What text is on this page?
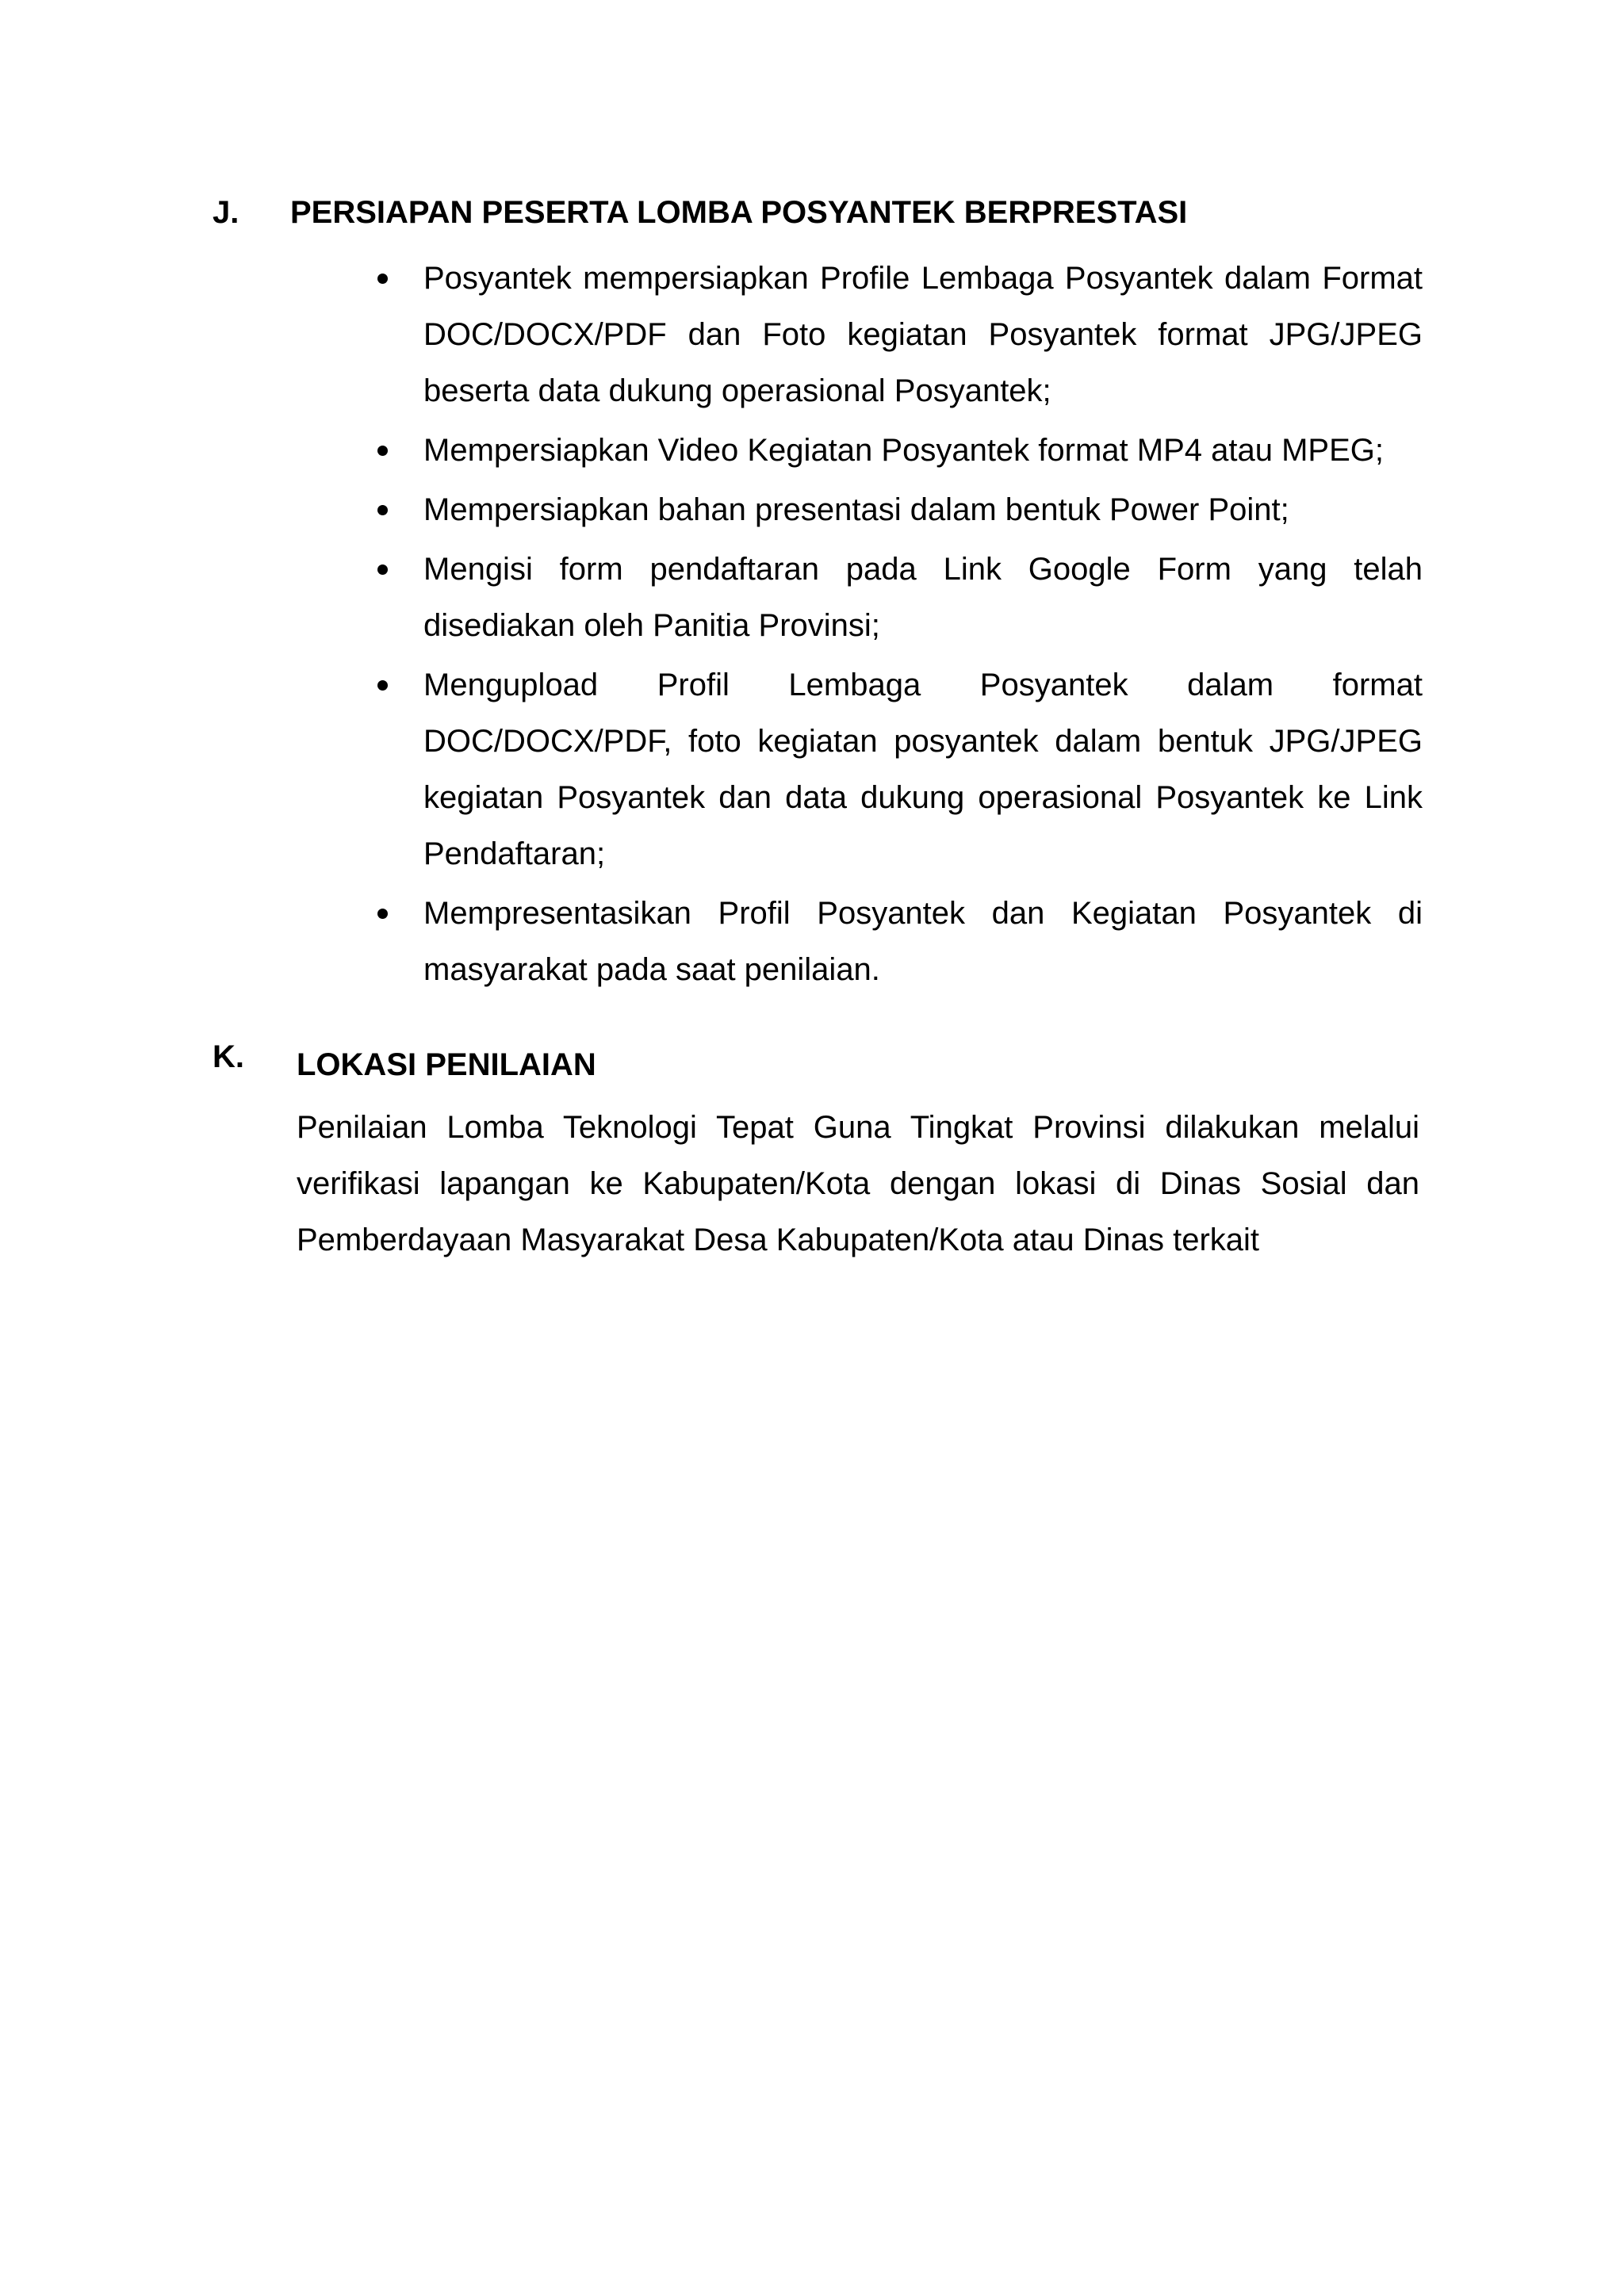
J. PERSIAPAN PESERTA LOMBA POSYANTEK BERPRESTASI
Posyantek mempersiapkan Profile Lembaga Posyantek dalam Format DOC/DOCX/PDF dan Foto kegiatan Posyantek format JPG/JPEG beserta data dukung operasional Posyantek;
Mempersiapkan Video Kegiatan Posyantek format MP4 atau MPEG;
Mempersiapkan bahan presentasi dalam bentuk Power Point;
Mengisi form pendaftaran pada Link Google Form yang telah disediakan oleh Panitia Provinsi;
Mengupload Profil Lembaga Posyantek dalam format DOC/DOCX/PDF, foto kegiatan posyantek dalam bentuk JPG/JPEG kegiatan Posyantek dan data dukung operasional Posyantek ke Link Pendaftaran;
Mempresentasikan Profil Posyantek dan Kegiatan Posyantek di masyarakat pada saat penilaian.
K. LOKASI PENILAIAN

Penilaian Lomba Teknologi Tepat Guna Tingkat Provinsi dilakukan melalui verifikasi lapangan ke Kabupaten/Kota dengan lokasi di Dinas Sosial dan Pemberdayaan Masyarakat Desa Kabupaten/Kota atau Dinas terkait
